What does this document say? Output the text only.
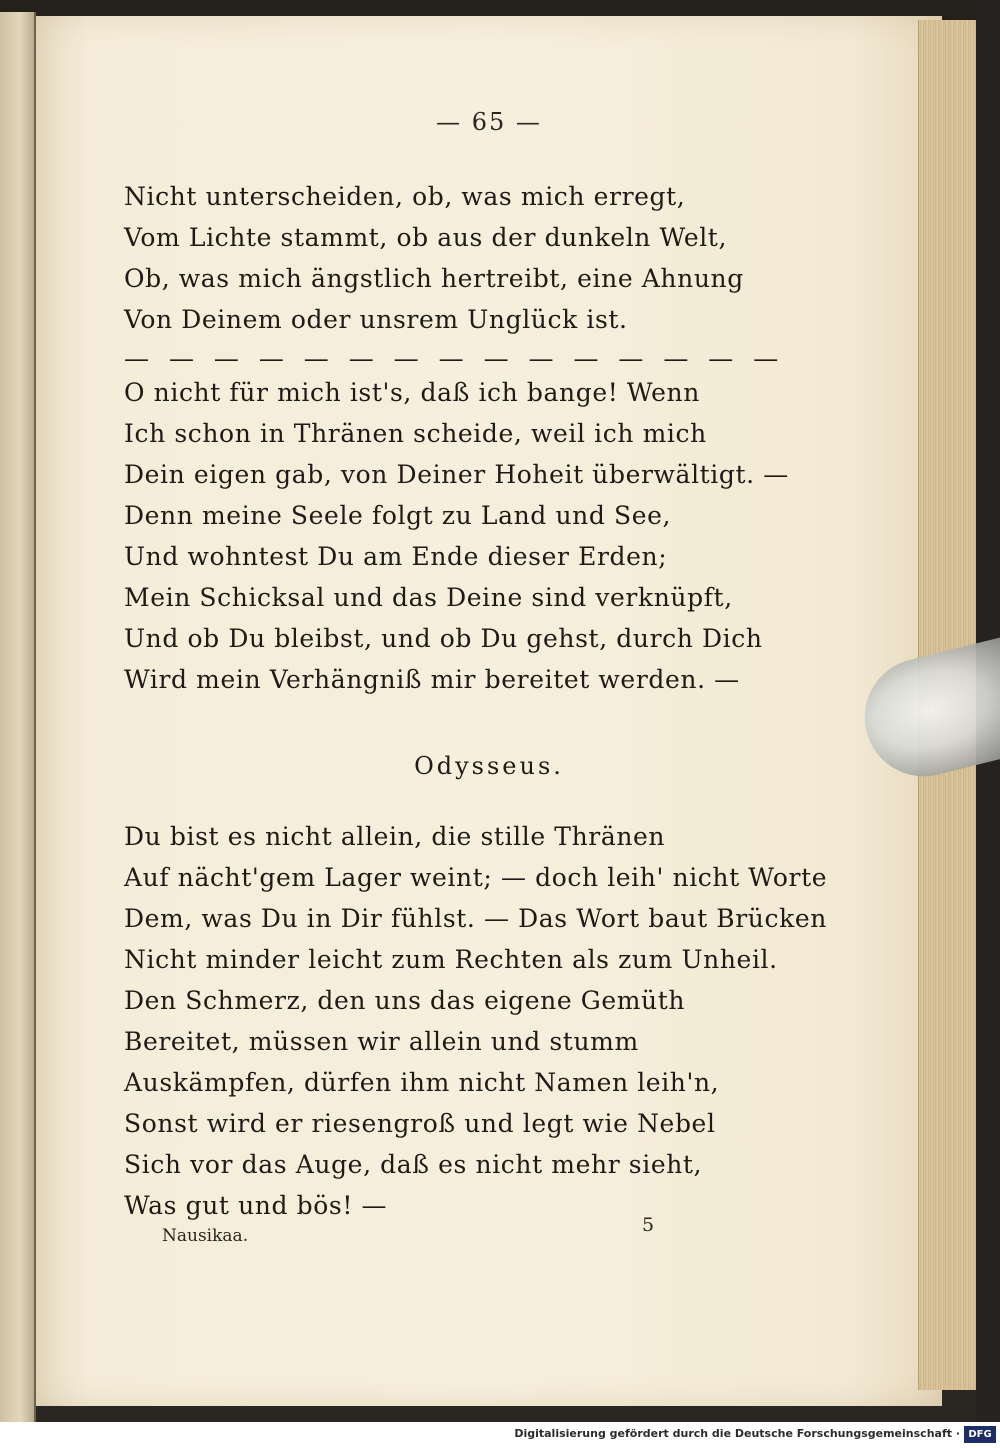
— 65 —
Nicht unterscheiden, ob, was mich erregt,
Vom Lichte stammt, ob aus der dunkeln Welt,
Ob, was mich ängstlich hertreibt, eine Ahnung
Von Deinem oder unsrem Unglück ist.
— — — — — — — — — — — — — — —
O nicht für mich ist's, daß ich bange! Wenn
Ich schon in Thränen scheide, weil ich mich
Dein eigen gab, von Deiner Hoheit überwältigt. —
Denn meine Seele folgt zu Land und See,
Und wohntest Du am Ende dieser Erden;
Mein Schicksal und das Deine sind verknüpft,
Und ob Du bleibst, und ob Du gehst, durch Dich
Wird mein Verhängniß mir bereitet werden. —
Odysseus.
Du bist es nicht allein, die stille Thränen
Auf nächt'gem Lager weint; — doch leih' nicht Worte
Dem, was Du in Dir fühlst. — Das Wort baut Brücken
Nicht minder leicht zum Rechten als zum Unheil.
Den Schmerz, den uns das eigene Gemüth
Bereitet, müssen wir allein und stumm
Auskämpfen, dürfen ihm nicht Namen leih'n,
Sonst wird er riesengroß und legt wie Nebel
Sich vor das Auge, daß es nicht mehr sieht,
Was gut und bös! —
Nausikaa.	5
Digitalisierung gefördert durch die Deutsche Forschungsgemeinschaft · DFG
